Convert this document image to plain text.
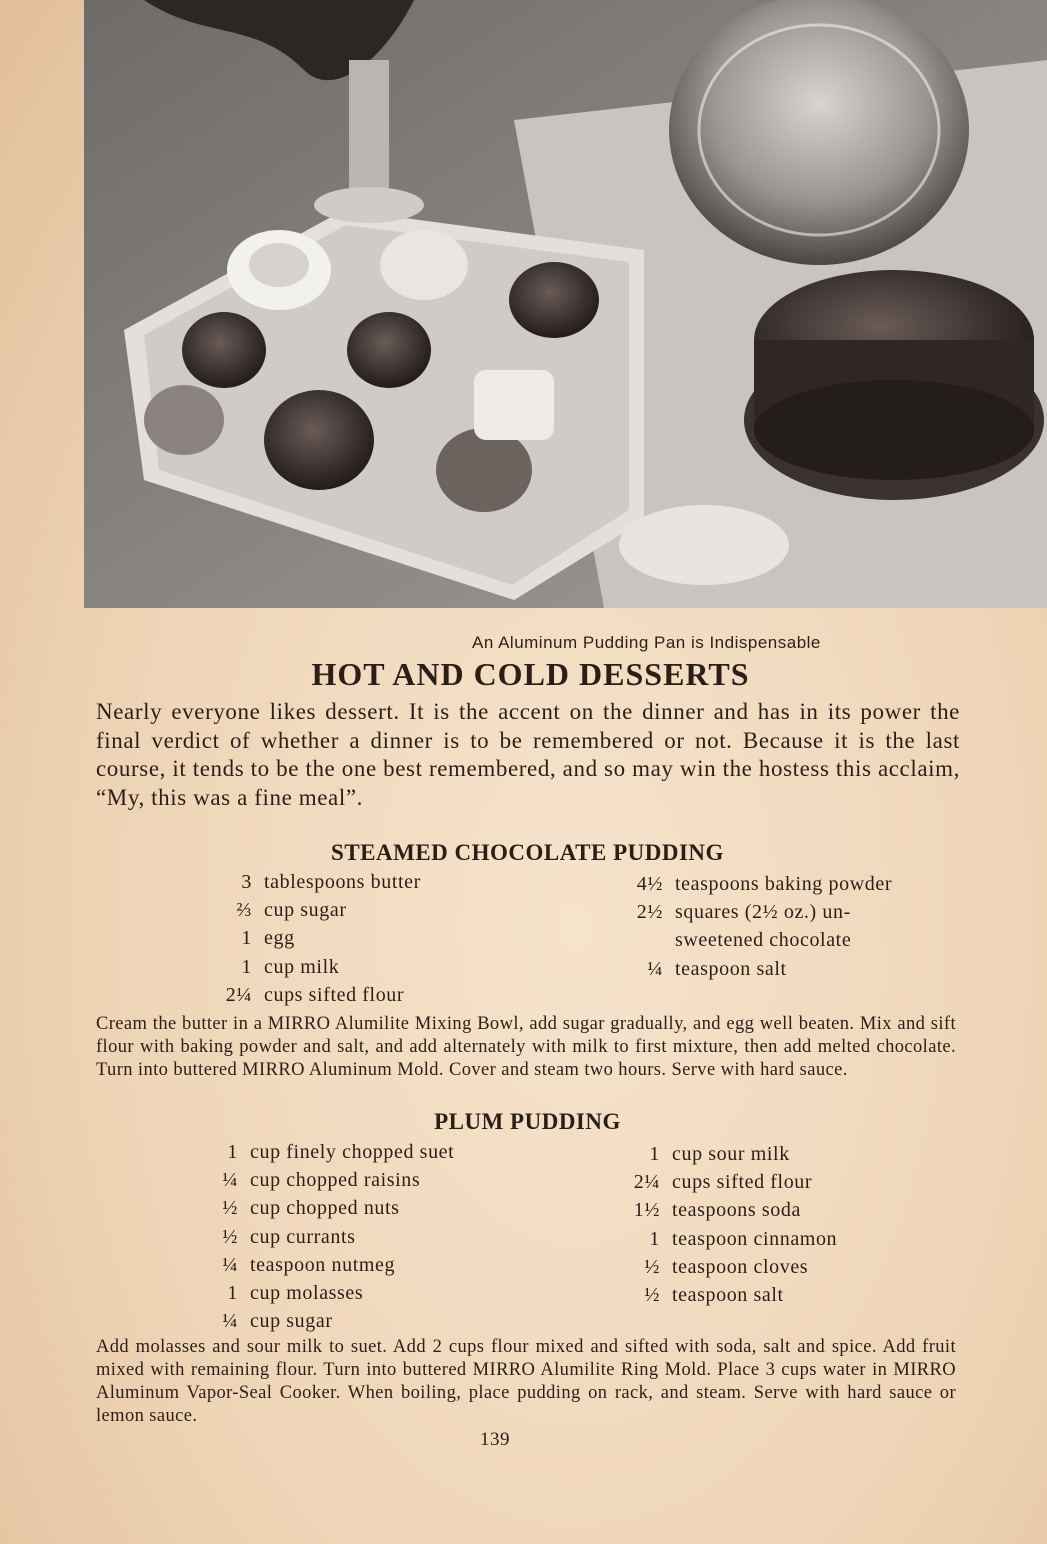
An Aluminum Pudding Pan is Indispensable
HOT AND COLD DESSERTS
Nearly everyone likes dessert. It is the accent on the dinner and has in its power the final verdict of whether a dinner is to be remembered or not. Because it is the last course, it tends to be the one best remembered, and so may win the hostess this acclaim, “My, this was a fine meal”.
STEAMED CHOCOLATE PUDDING
3 tablespoons butter
⅔ cup sugar
1 egg
1 cup milk
2¼ cups sifted flour
4½ teaspoons baking powder
2½ squares (2½ oz.) un-
sweetened chocolate
¼ teaspoon salt
Cream the butter in a MIRRO Alumilite Mixing Bowl, add sugar gradually, and egg well beaten. Mix and sift flour with baking powder and salt, and add alternately with milk to first mixture, then add melted chocolate. Turn into buttered MIRRO Aluminum Mold. Cover and steam two hours. Serve with hard sauce.
PLUM PUDDING
1 cup finely chopped suet
¼ cup chopped raisins
½ cup chopped nuts
½ cup currants
¼ teaspoon nutmeg
1 cup molasses
¼ cup sugar
1 cup sour milk
2¼ cups sifted flour
1½ teaspoons soda
1 teaspoon cinnamon
½ teaspoon cloves
½ teaspoon salt
Add molasses and sour milk to suet. Add 2 cups flour mixed and sifted with soda, salt and spice. Add fruit mixed with remaining flour. Turn into buttered MIRRO Alumilite Ring Mold. Place 3 cups water in MIRRO Aluminum Vapor-Seal Cooker. When boiling, place pudding on rack, and steam. Serve with hard sauce or lemon sauce.
139
